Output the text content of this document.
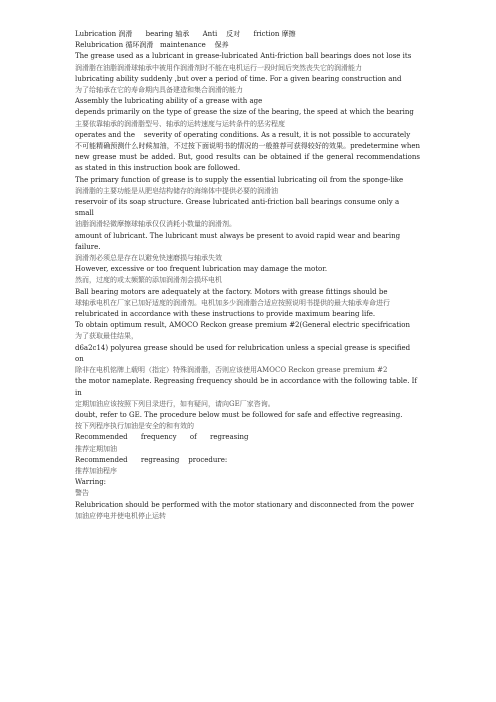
Lubrication 润滑      bearing 轴承      Anti    反对      friction 摩擦

Relubrication 循环润滑   maintenance    保养

The grease used as a lubricant in grease-lubricated Anti-friction ball bearings does not lose its

润滑脂在油脂润滑球轴承中被用作润滑剂时不能在电机运行一段时间后突然丧失它的润滑能力

lubricating ability suddenly ,but over a period of time. For a given bearing construction and

为了给轴承在它的寿命期内具备建造和集合润滑的能力

Assembly the lubricating ability of a grease with age

depends primarily on the type of grease the size of the bearing, the speed at which the bearing

主要依靠轴承的润滑脂型号、轴承的运转速度与运转条件的恶劣程度

operates and the    severity of operating conditions. As a result, it is not possible to accurately

不可能精确预测什么时候加油，不过按下面说明书的情况的一般推荐可获得较好的效果。predetermine when new grease must be added. But, good results can be obtained if the general recommendations as stated in this instruction book are followed.

The primary function of grease is to supply the essential lubricating oil from the sponge-like

润滑脂的主要功能是从肥皂结构储存的海绵体中提供必要的润滑油

reservoir of its soap structure. Grease lubricated anti-friction ball bearings consume only a small

油脂润滑轻微摩擦球轴承仅仅消耗小数量的润滑剂。

amount of lubricant. The lubricant must always be present to avoid rapid wear and bearing failure.

润滑剂必须总是存在以避免快速磨损与轴承失效

However, excessive or too frequent lubrication may damage the motor.

然而，过度的或太频繁的添加润滑剂会损坏电机

Ball bearing motors are adequately at the factory. Motors with grease fittings should be

球轴承电机在厂家已加好适度的润滑剂。电机加多少润滑脂合适应按照说明书提供的最大轴承寿命进行

relubricated in accordance with these instructions to provide maximum bearing life.

To obtain optimum result, AMOCO Reckon grease premium #2(General electric specifrication

为了获取最佳结果，

d6a2c14) polyurea grease should be used for relubrication unless a special grease is specified on

除非在电机铭牌上载明（指定）特殊润滑脂，否则应该使用AMOCO Reckon grease premium #2

the motor nameplate. Regreasing frequency should be in accordance with the following table. If in

定期加油应该按照下列目录进行，如有疑问，请向GE厂家咨询。

doubt, refer to GE. The procedure below must be followed for safe and effective regreasing.

按下列程序执行加油是安全的和有效的

Recommended      frequency      of      regreasing

推荐定期加油

Recommended      regreasing    procedure:

推荐加油程序

Warring:

警告

Relubrication should be performed with the motor stationary and disconnected from the power

加油应停电并使电机停止运转
